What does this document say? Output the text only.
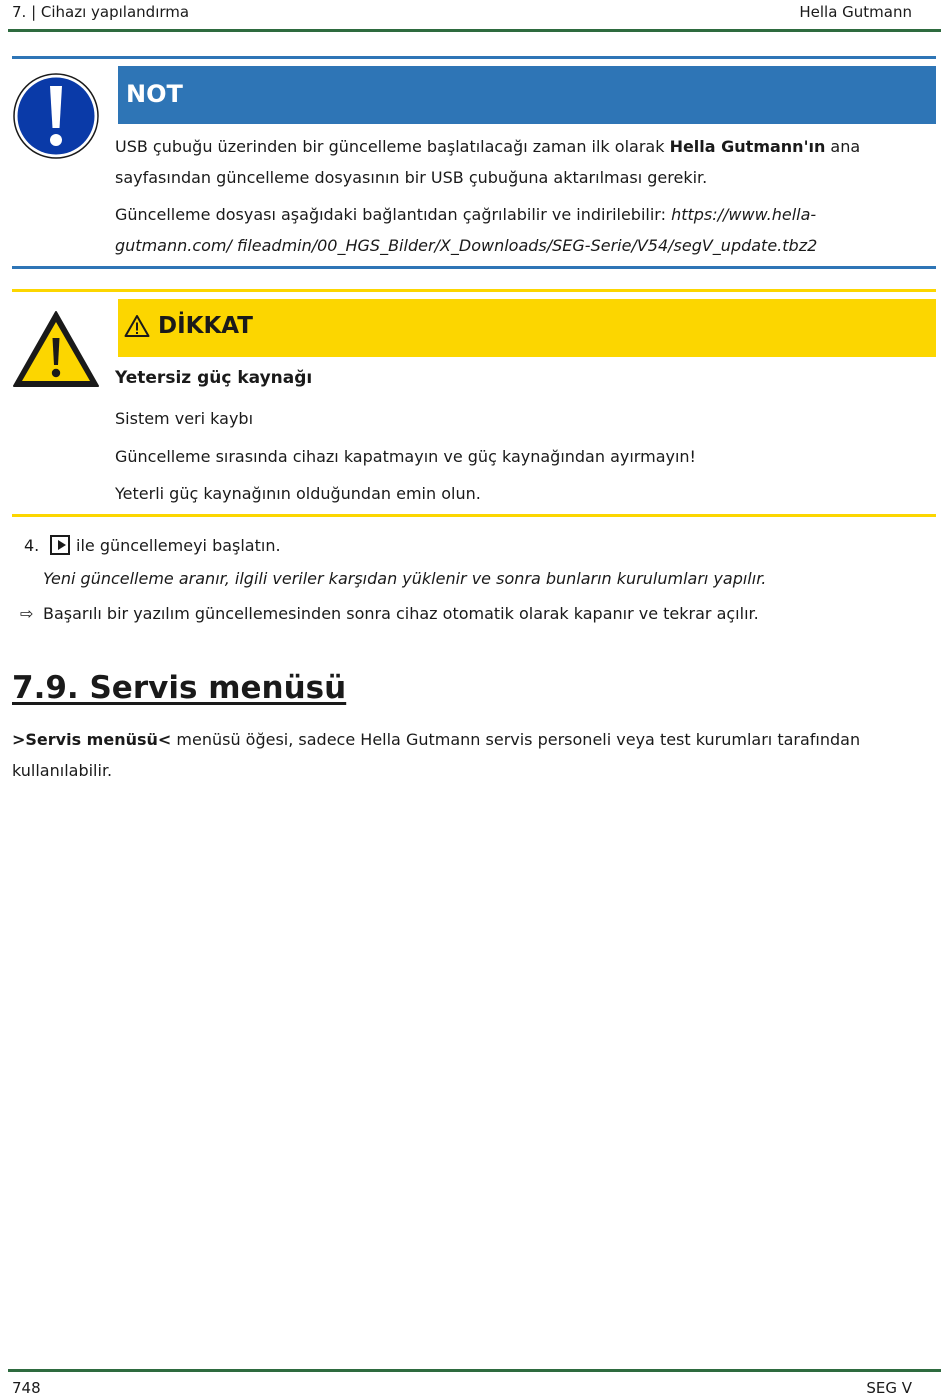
7. | Cihazı yapılandırma	Hella Gutmann
NOT
USB çubuğu üzerinden bir güncelleme başlatılacağı zaman ilk olarak Hella Gutmann'ın ana sayfasından güncelleme dosyasının bir USB çubuğuna aktarılması gerekir.
Güncelleme dosyası aşağıdaki bağlantıdan çağrılabilir ve indirilebilir: https://www.hella-gutmann.com/ fileadmin/00_HGS_Bilder/X_Downloads/SEG-Serie/V54/segV_update.tbz2
DİKKAT
Yetersiz güç kaynağı
Sistem veri kaybı
Güncelleme sırasında cihazı kapatmayın ve güç kaynağından ayırmayın!
Yeterli güç kaynağının olduğundan emin olun.
4.	ile güncellemeyi başlatın.
Yeni güncelleme aranır, ilgili veriler karşıdan yüklenir ve sonra bunların kurulumları yapılır.
⇨ Başarılı bir yazılım güncellemesinden sonra cihaz otomatik olarak kapanır ve tekrar açılır.
7.9. Servis menüsü
>Servis menüsü< menüsü öğesi, sadece Hella Gutmann servis personeli veya test kurumları tarafından kullanılabilir.
748	SEG V
